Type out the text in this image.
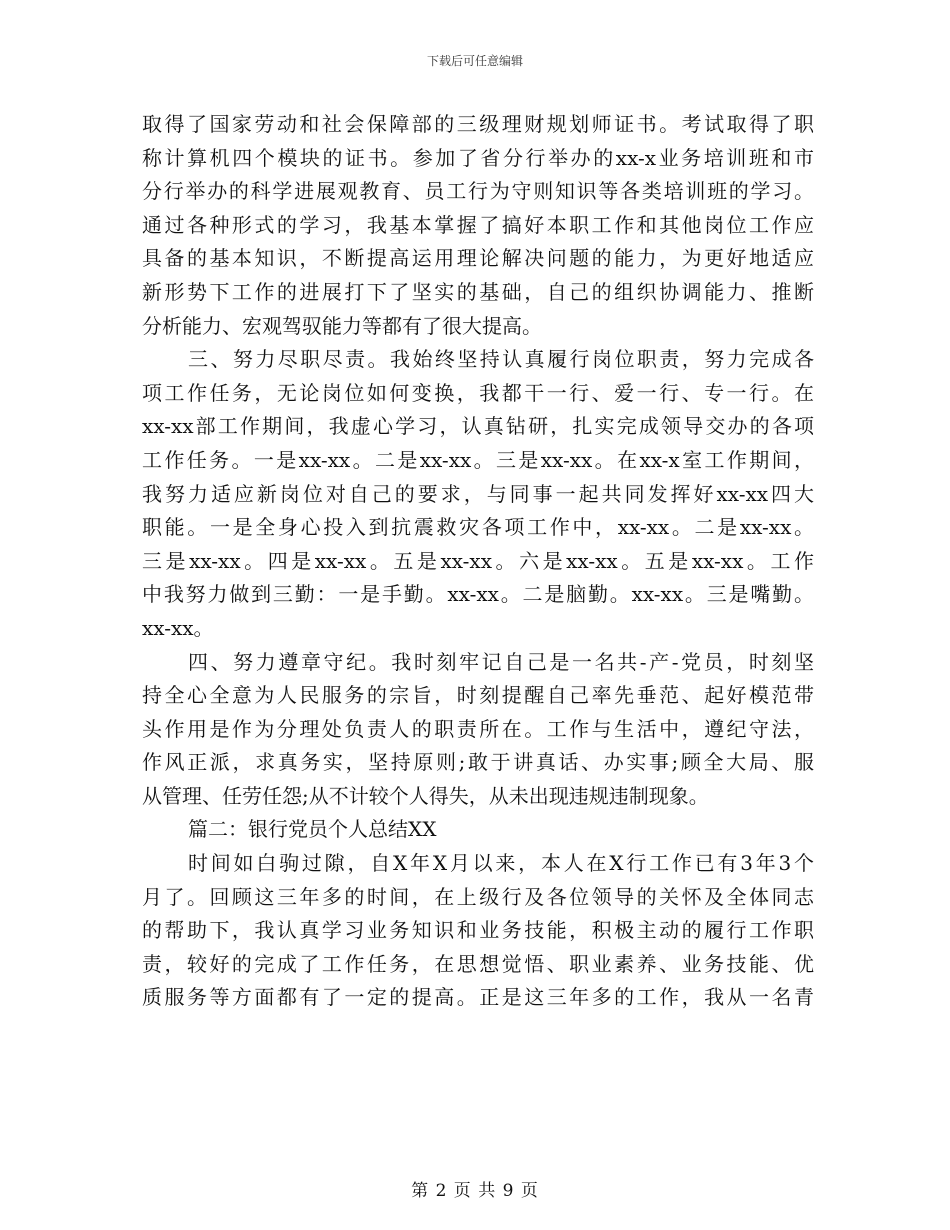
下载后可任意编辑
取得了国家劳动和社会保障部的三级理财规划师证书。考试取得了职
称计算机四个模块的证书。参加了省分行举办的xx-x业务培训班和市
分行举办的科学进展观教育、员工行为守则知识等各类培训班的学习。
通过各种形式的学习，我基本掌握了搞好本职工作和其他岗位工作应
具备的基本知识，不断提高运用理论解决问题的能力，为更好地适应
新形势下工作的进展打下了坚实的基础，自己的组织协调能力、推断
分析能力、宏观驾驭能力等都有了很大提高。
三、努力尽职尽责。我始终坚持认真履行岗位职责，努力完成各
项工作任务，无论岗位如何变换，我都干一行、爱一行、专一行。在
xx-xx部工作期间，我虚心学习，认真钻研，扎实完成领导交办的各项
工作任务。一是xx-xx。二是xx-xx。三是xx-xx。在xx-x室工作期间，
我努力适应新岗位对自己的要求，与同事一起共同发挥好xx-xx四大
职能。一是全身心投入到抗震救灾各项工作中，xx-xx。二是xx-xx。
三是xx-xx。四是xx-xx。五是xx-xx。六是xx-xx。五是xx-xx。工作
中我努力做到三勤：一是手勤。xx-xx。二是脑勤。xx-xx。三是嘴勤。
xx-xx。
四、努力遵章守纪。我时刻牢记自己是一名共-产-党员，时刻坚
持全心全意为人民服务的宗旨，时刻提醒自己率先垂范、起好模范带
头作用是作为分理处负责人的职责所在。工作与生活中，遵纪守法，
作风正派，求真务实，坚持原则;敢于讲真话、办实事;顾全大局、服
从管理、任劳任怨;从不计较个人得失，从未出现违规违制现象。
篇二：银行党员个人总结XX
时间如白驹过隙，自X年X月以来，本人在X行工作已有3年3个
月了。回顾这三年多的时间，在上级行及各位领导的关怀及全体同志
的帮助下，我认真学习业务知识和业务技能，积极主动的履行工作职
责，较好的完成了工作任务，在思想觉悟、职业素养、业务技能、优
质服务等方面都有了一定的提高。正是这三年多的工作，我从一名青
第 2 页 共 9 页
